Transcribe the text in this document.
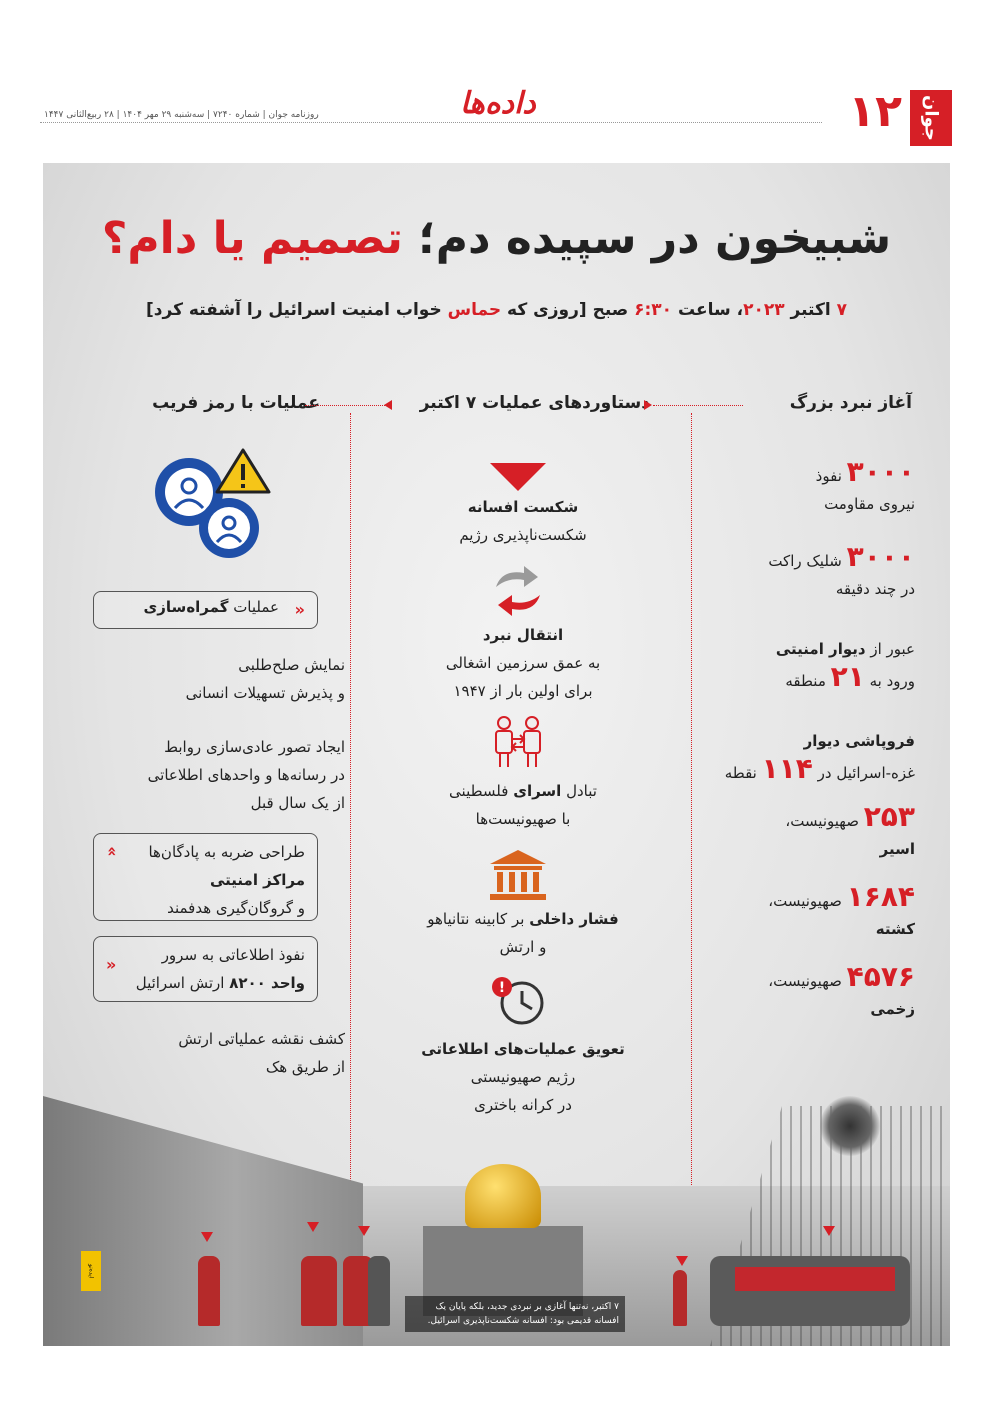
جوان
۱۲
داده‌ها
روزنامه جوان | شماره ۷۲۴۰ | سه‌شنبه ۲۹ مهر ۱۴۰۴ | ۲۸ ربیع‌الثانی ۱۴۴۷
شبیخون در سپیده دم؛ تصمیم یا دام؟
۷ اکتبر ۲۰۲۳، ساعت ۶:۳۰ صبح [روزی که حماس خواب امنیت اسرائیل را آشفته کرد]
آغاز نبرد بزرگ
دستاوردهای عملیات ۷ اکتبر
عملیات با رمز فریب
۳۰۰۰ نفوذ
نیروی مقاومت
۳۰۰۰ شلیک راکت
در چند دقیقه
عبور از دیوار امنیتی
ورود به ۲۱ منطقه
فروپاشی دیوار
غزه-اسرائیل در ۱۱۴ نقطه
۲۵۳ صهیونیست،
اسیر
۱۶۸۴ صهیونیست،
کشته
۴۵۷۶ صهیونیست،
زخمی
!
شکست افسانه
شکست‌ناپذیری رژیم
انتقال نبرد
به عمق سرزمین اشغالی
برای اولین بار از ۱۹۴۷
تبادل اسرای فلسطینی
با صهیونیست‌ها
فشار داخلی بر کابینه نتانیاهو
و ارتش
تعویق عملیات‌های اطلاعاتی
رژیم صهیونیستی
در کرانه باختری
«
عملیات گمراه‌سازی
نمایش صلح‌طلبی
و پذیرش تسهیلات انسانی
ایجاد تصور عادی‌سازی روابط
در رسانه‌ها و واحدهای اطلاعاتی
از یک سال قبل
« طراحی ضربه به پادگان‌ها
مراکز امنیتی
و گروگان‌گیری هدفمند
«	نفوذ اطلاعاتی به سرور
واحد ۸۲۰۰ ارتش اسرائیل
کشف نقشه عملیاتی ارتش
از طریق هک
ایده‌نو
۷ اکتبر، نه‌تنها آغازی بر نبردی جدید، بلکه پایان یک افسانه قدیمی بود: افسانه شکست‌ناپذیری اسرائیل.
